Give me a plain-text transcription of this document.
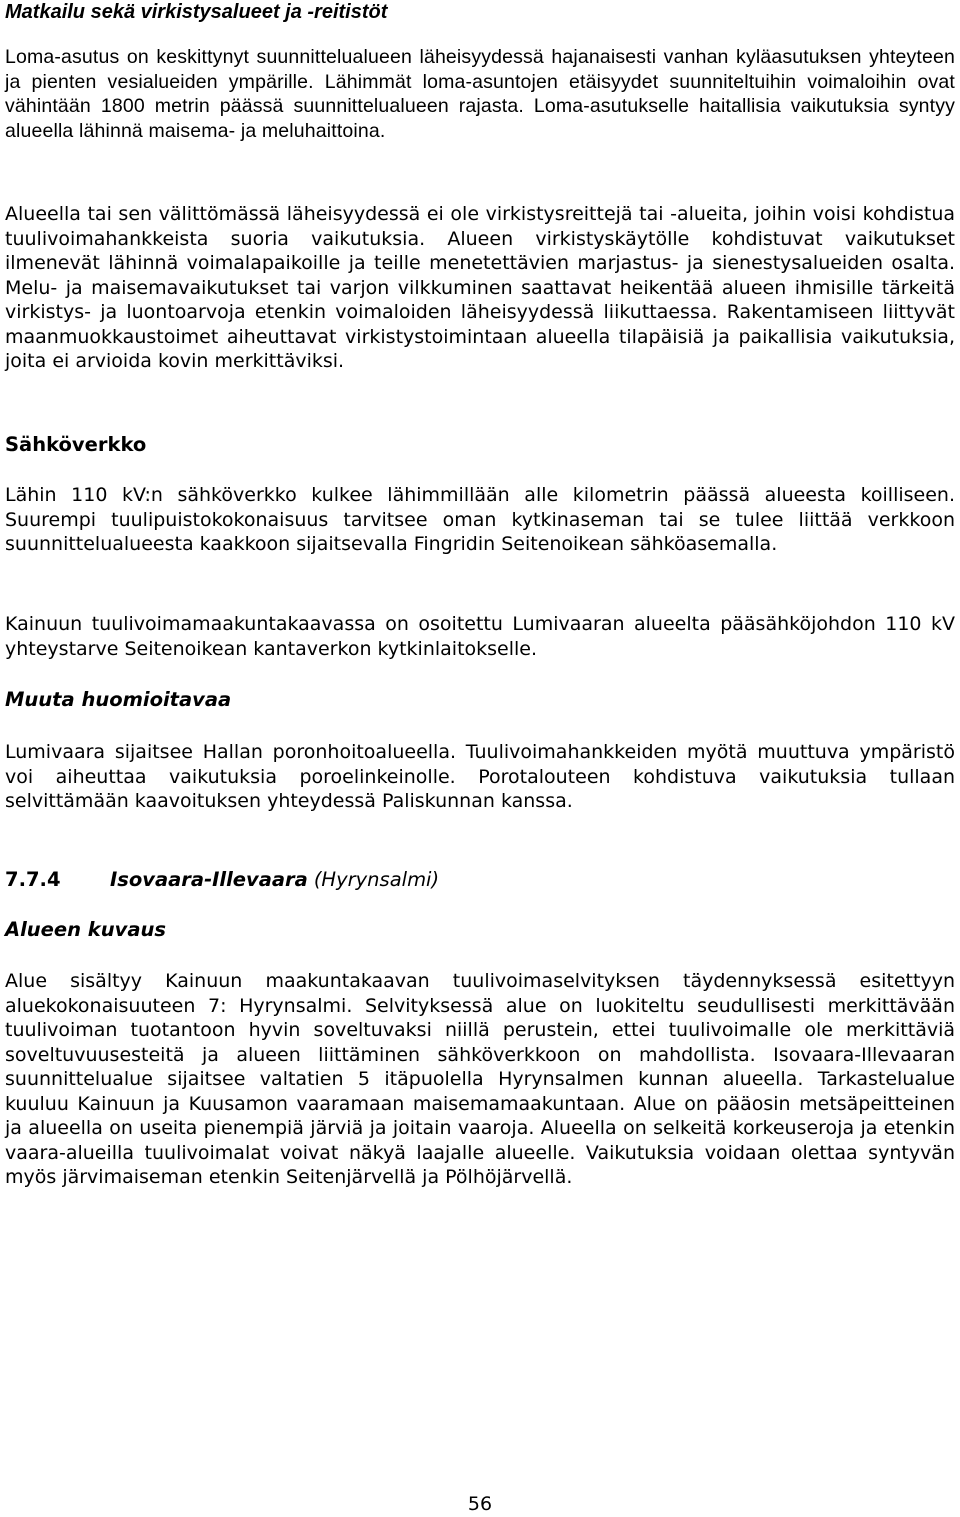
Matkailu sekä virkistysalueet ja -reitistöt

Loma-asutus on keskittynyt suunnittelualueen läheisyydessä hajanaisesti vanhan kyläasutuksen yhteyteen ja pienten vesialueiden ympärille. Lähimmät loma-asuntojen etäisyydet suunniteltuihin voimaloihin ovat vähintään 1800 metrin päässä suunnittelualueen rajasta. Loma-asutukselle haitallisia vaikutuksia syntyy alueella lähinnä maisema- ja meluhaittoina.

Alueella tai sen välittömässä läheisyydessä ei ole virkistysreittejä tai -alueita, joihin voisi kohdistua tuulivoimahankkeista suoria vaikutuksia. Alueen virkistyskäytölle kohdistuvat vaikutukset ilmenevät lähinnä voimalapaikoille ja teille menetettävien marjastus- ja sienestysalueiden osalta. Melu- ja maisemavaikutukset tai varjon vilkkuminen saattavat heikentää alueen ihmisille tärkeitä virkistys- ja luontoarvoja etenkin voimaloiden läheisyydessä liikuttaessa. Rakentamiseen liittyvät maanmuokkaustoimet aiheuttavat virkistystoimintaan alueella tilapäisiä ja paikallisia vaikutuksia, joita ei arvioida kovin merkittäviksi.

Sähköverkko

Lähin 110 kV:n sähköverkko kulkee lähimmillään alle kilometrin päässä alueesta koilliseen. Suurempi tuulipuistokokonaisuus tarvitsee oman kytkinaseman tai se tulee liittää verkkoon suunnittelualueesta kaakkoon sijaitsevalla Fingridin Seitenoikean sähköasemalla.

Kainuun tuulivoimamaakuntakaavassa on osoitettu Lumivaaran alueelta pääsähköjohdon 110 kV yhteystarve Seitenoikean kantaverkon kytkinlaitokselle.

Muuta huomioitavaa

Lumivaara sijaitsee Hallan poronhoitoalueella. Tuulivoimahankkeiden myötä muuttuva ympäristö voi aiheuttaa vaikutuksia poroelinkeinolle. Porotalouteen kohdistuva vaikutuksia tullaan selvittämään kaavoituksen yhteydessä Paliskunnan kanssa.

7.7.4	Isovaara-Illevaara (Hyrynsalmi)
Alueen kuvaus

Alue sisältyy Kainuun maakuntakaavan tuulivoimaselvityksen täydennyksessä esitettyyn aluekokonaisuuteen 7: Hyrynsalmi. Selvityksessä alue on luokiteltu seudullisesti merkittävään tuulivoiman tuotantoon hyvin soveltuvaksi niillä perustein, ettei tuulivoimalle ole merkittäviä soveltuvuusesteitä ja alueen liittäminen sähköverkkoon on mahdollista. Isovaara-Illevaaran suunnittelualue sijaitsee valtatien 5 itäpuolella Hyrynsalmen kunnan alueella. Tarkastelualue kuuluu Kainuun ja Kuusamon vaaramaan maisemamaakuntaan. Alue on pääosin metsäpeitteinen ja alueella on useita pienempiä järviä ja joitain vaaroja. Alueella on selkeitä korkeuseroja ja etenkin vaara-alueilla tuulivoimalat voivat näkyä laajalle alueelle. Vaikutuksia voidaan olettaa syntyvän myös järvimaiseman etenkin Seitenjärvellä ja Pölhöjärvellä.

56
